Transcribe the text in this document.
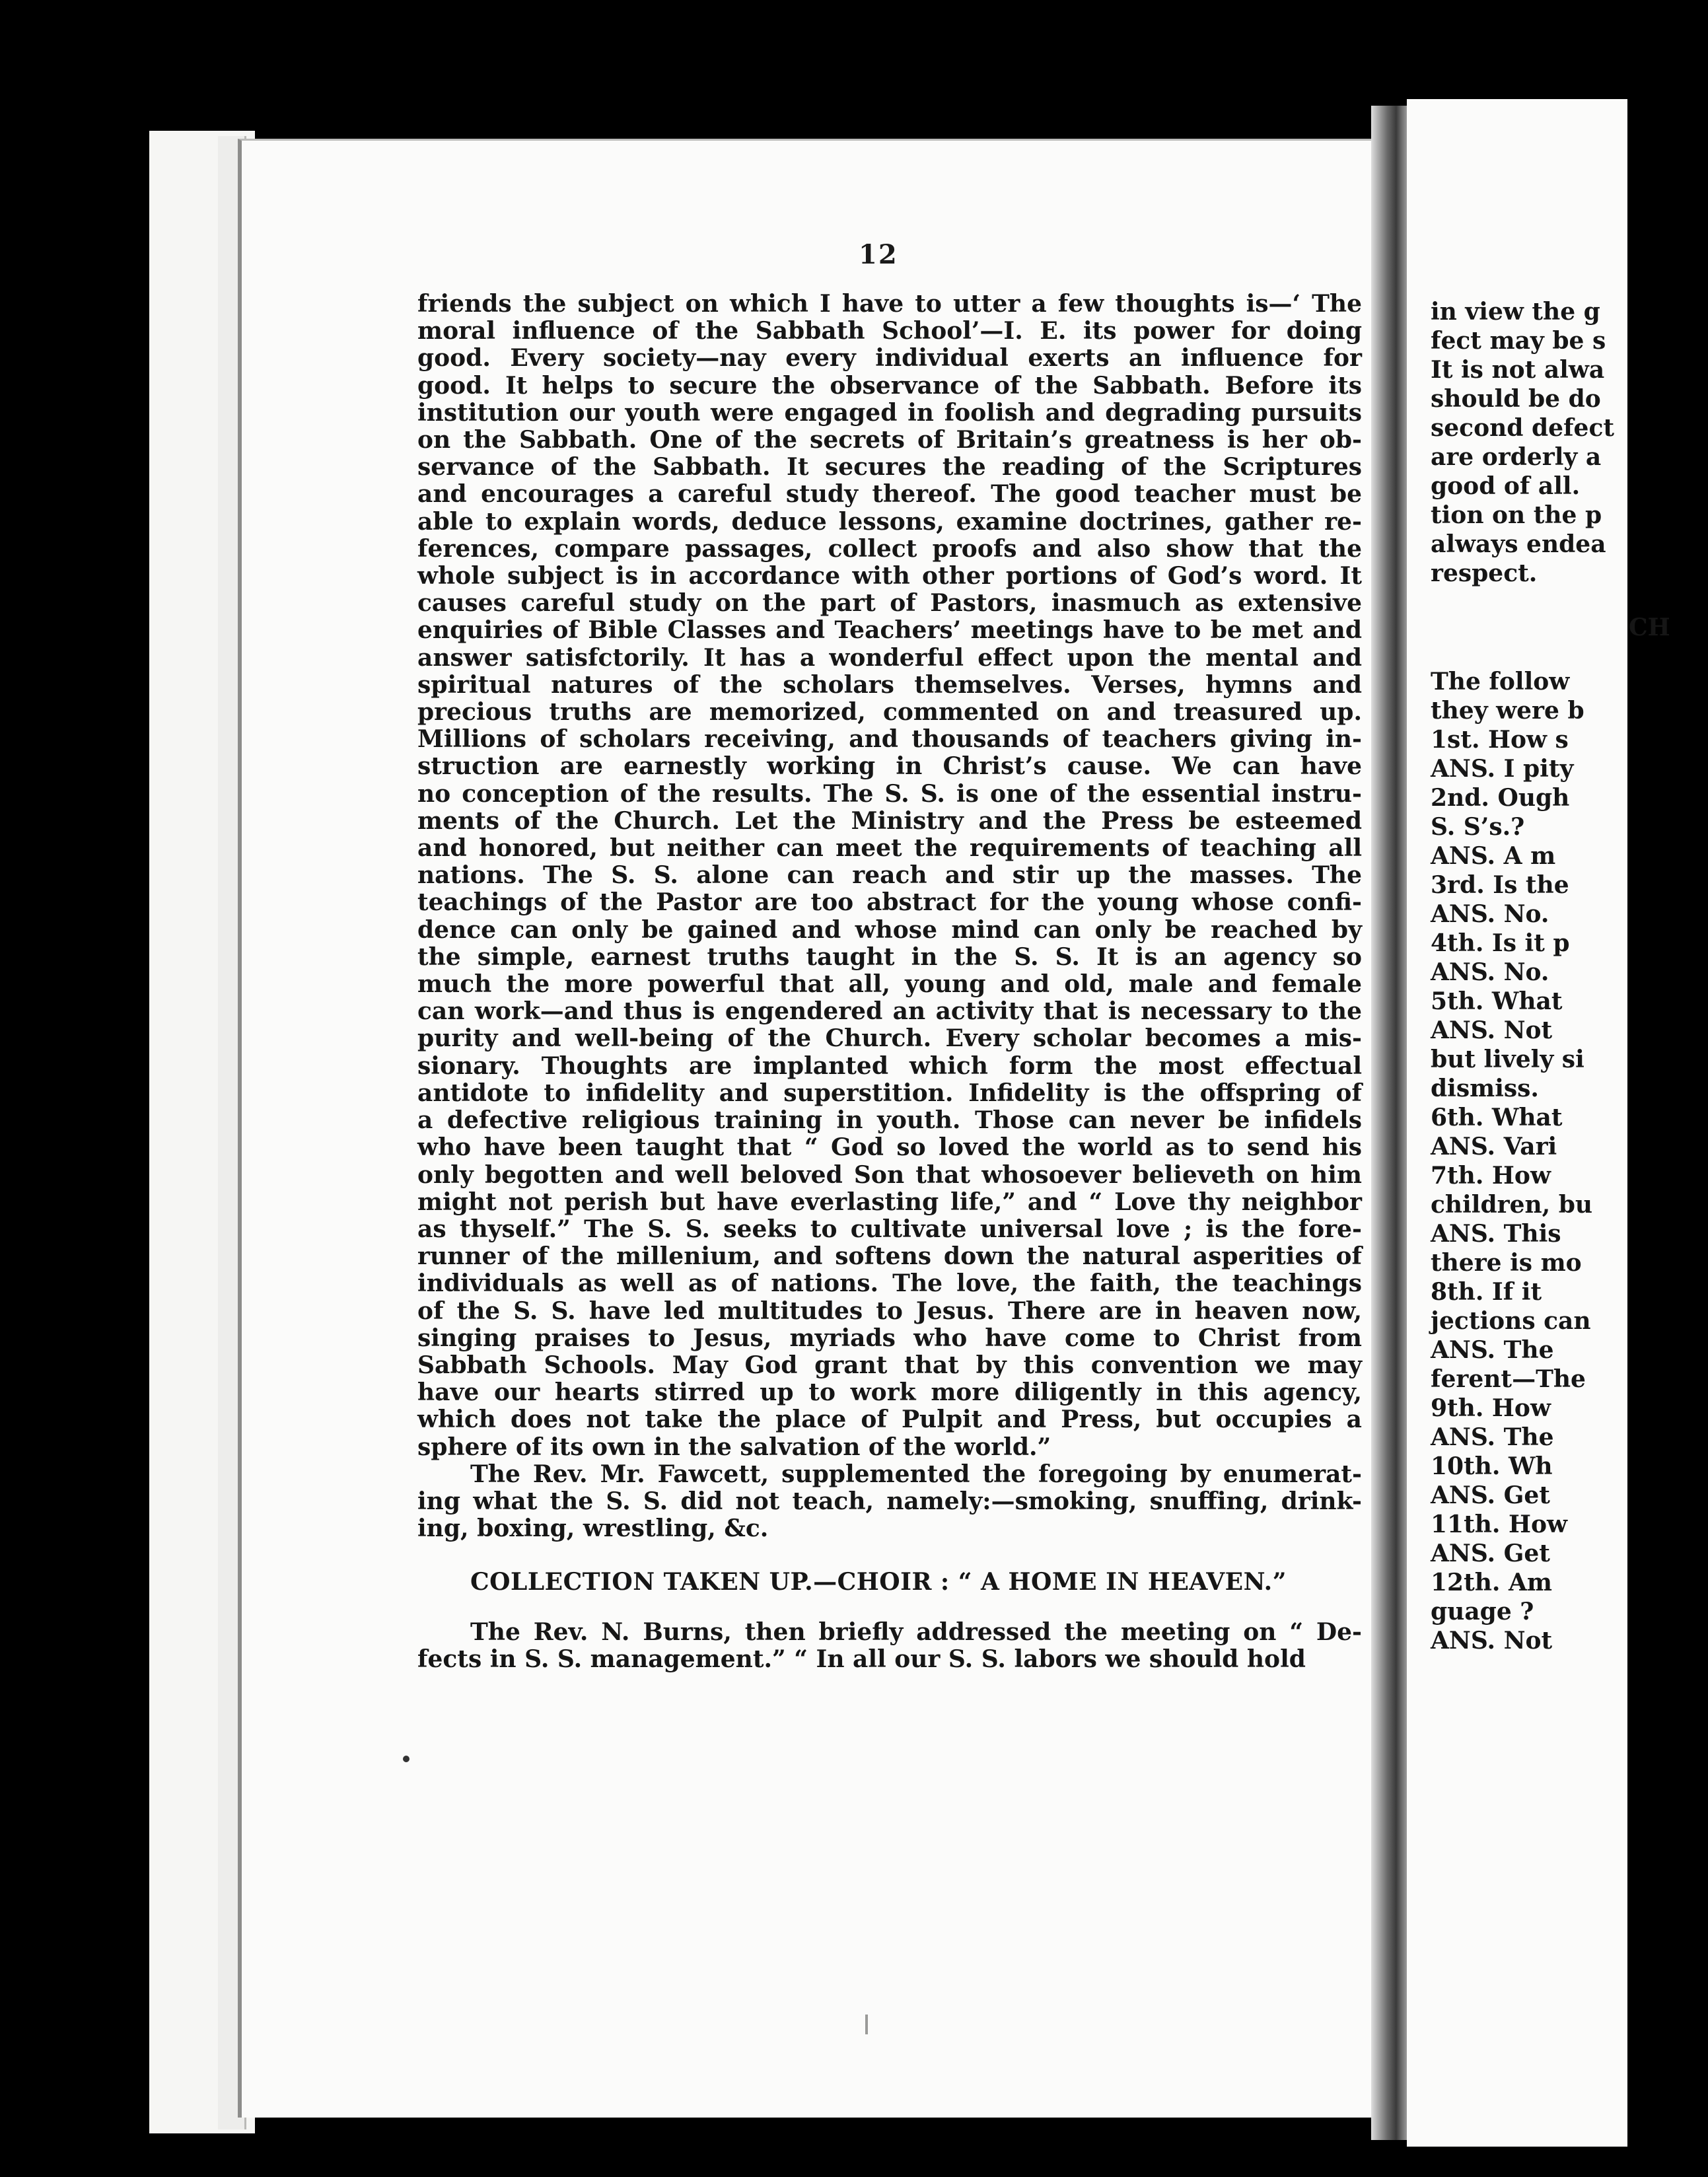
12
friends the subject on which I have to utter a few thoughts is—‘ The
moral influence of the Sabbath School’—I. E. its power for doing
good. Every society—nay every individual exerts an influence for
good. It helps to secure the observance of the Sabbath. Before its
institution our youth were engaged in foolish and degrading pursuits
on the Sabbath. One of the secrets of Britain’s greatness is her ob-
servance of the Sabbath. It secures the reading of the Scriptures
and encourages a careful study thereof. The good teacher must be
able to explain words, deduce lessons, examine doctrines, gather re-
ferences, compare passages, collect proofs and also show that the
whole subject is in accordance with other portions of God’s word. It
causes careful study on the part of Pastors, inasmuch as extensive
enquiries of Bible Classes and Teachers’ meetings have to be met and
answer satisfctorily. It has a wonderful effect upon the mental and
spiritual natures of the scholars themselves. Verses, hymns and
precious truths are memorized, commented on and treasured up.
Millions of scholars receiving, and thousands of teachers giving in-
struction are earnestly working in Christ’s cause. We can have
no conception of the results. The S. S. is one of the essential instru-
ments of the Church. Let the Ministry and the Press be esteemed
and honored, but neither can meet the requirements of teaching all
nations. The S. S. alone can reach and stir up the masses. The
teachings of the Pastor are too abstract for the young whose confi-
dence can only be gained and whose mind can only be reached by
the simple, earnest truths taught in the S. S. It is an agency so
much the more powerful that all, young and old, male and female
can work—and thus is engendered an activity that is necessary to the
purity and well-being of the Church. Every scholar becomes a mis-
sionary. Thoughts are implanted which form the most effectual
antidote to infidelity and superstition. Infidelity is the offspring of
a defective religious training in youth. Those can never be infidels
who have been taught that “ God so loved the world as to send his
only begotten and well beloved Son that whosoever believeth on him
might not perish but have everlasting life,” and “ Love thy neighbor
as thyself.” The S. S. seeks to cultivate universal love ; is the fore-
runner of the millenium, and softens down the natural asperities of
individuals as well as of nations. The love, the faith, the teachings
of the S. S. have led multitudes to Jesus. There are in heaven now,
singing praises to Jesus, myriads who have come to Christ from
Sabbath Schools. May God grant that by this convention we may
have our hearts stirred up to work more diligently in this agency,
which does not take the place of Pulpit and Press, but occupies a
sphere of its own in the salvation of the world.”
The Rev. Mr. Fawcett, supplemented the foregoing by enumerat-
ing what the S. S. did not teach, namely:—smoking, snuffing, drink-
ing, boxing, wrestling, &c.
COLLECTION TAKEN UP.—CHOIR : “ A HOME IN HEAVEN.”
The Rev. N. Burns, then briefly addressed the meeting on “ De-
fects in S. S. management.” “ In all our S. S. labors we should hold
in view the g
fect may be s
It is not alwa
should be do
second defect
are orderly a
good of all.
tion on the p
always endea
respect.
CH
The follow
they were b
1st. How s
ANS. I pity
2nd. Ough
S. S’s.?
ANS. A m
3rd. Is the
ANS. No.
4th. Is it p
ANS. No.
5th. What
ANS. Not
but lively si
dismiss.
6th. What
ANS. Vari
7th. How
children, bu
ANS. This
there is mo
8th. If it
jections can
ANS. The
ferent—The
9th. How
ANS. The
10th. Wh
ANS. Get
11th. How
ANS. Get
12th. Am
guage ?
ANS. Not
